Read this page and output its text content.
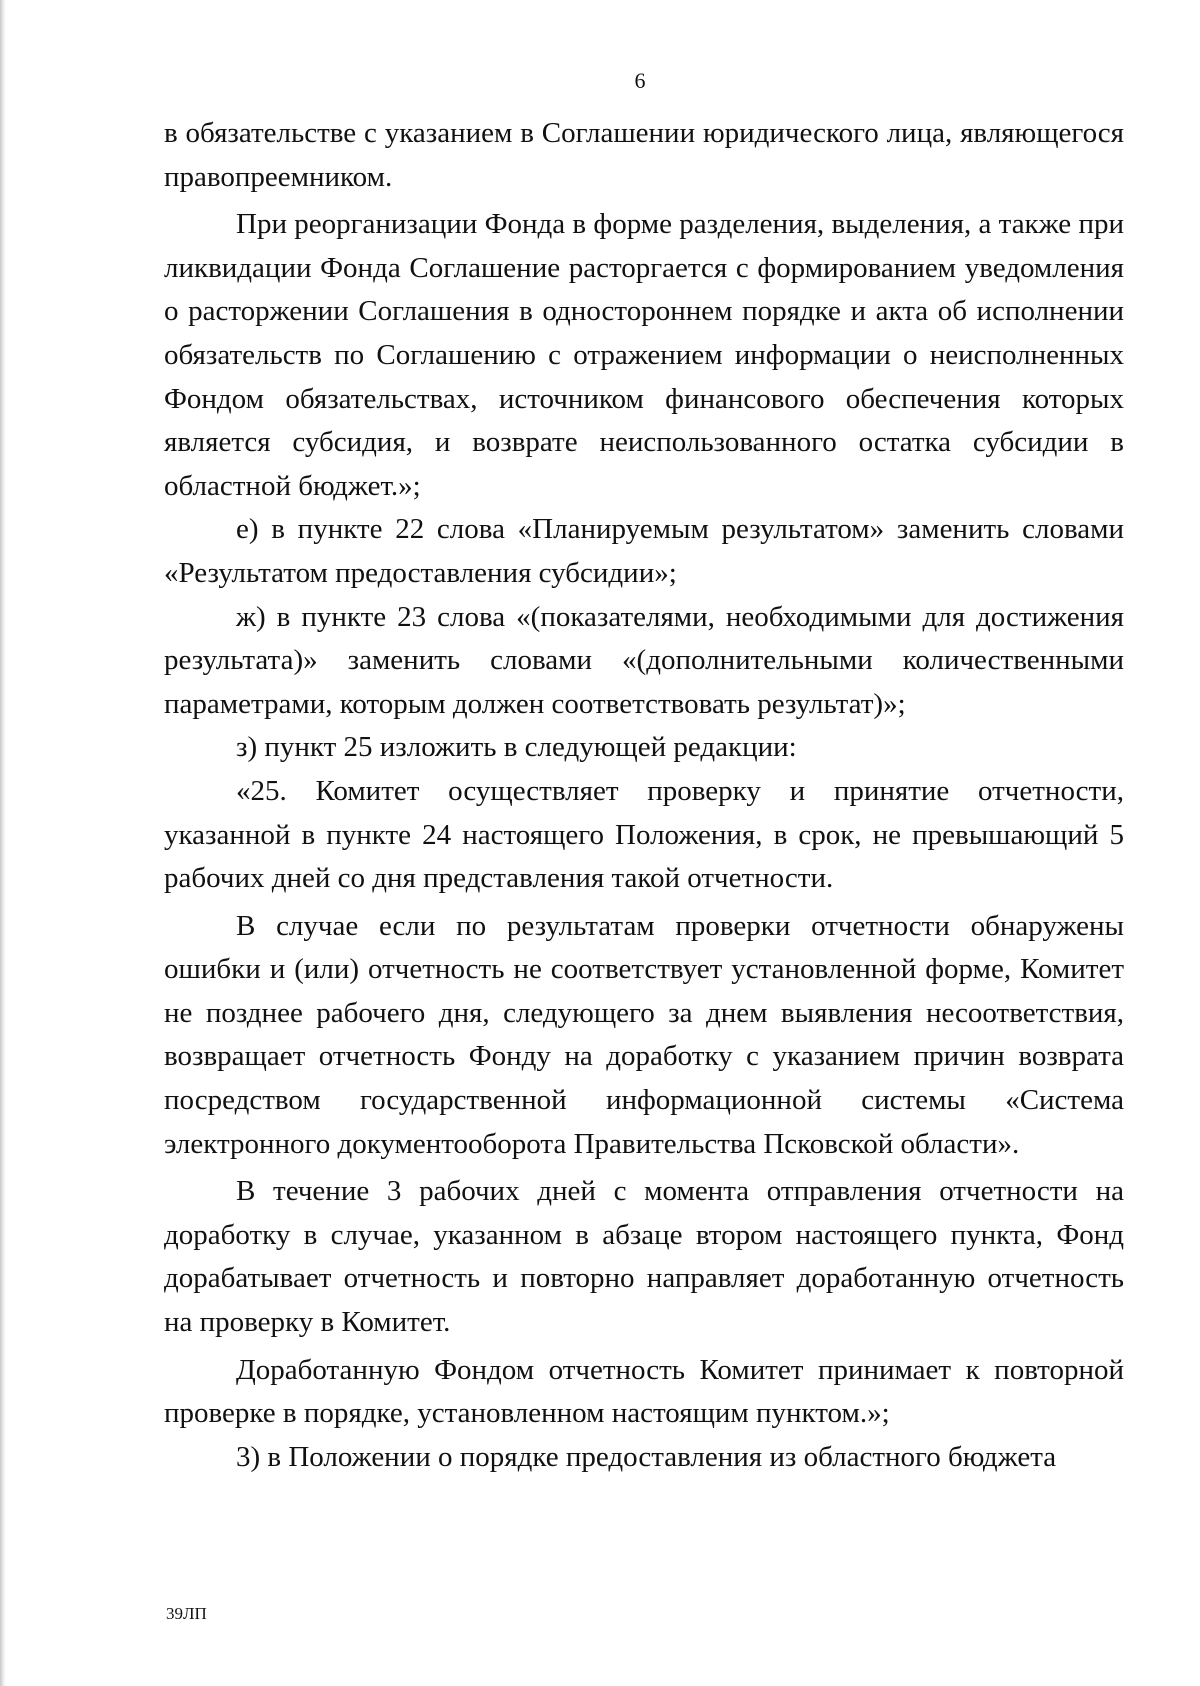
6

в обязательстве с указанием в Соглашении юридического лица, являющегося правопреемником.

При реорганизации Фонда в форме разделения, выделения, а также при ликвидации Фонда Соглашение расторгается с формированием уведомления о расторжении Соглашения в одностороннем порядке и акта об исполнении обязательств по Соглашению с отражением информации о неисполненных Фондом обязательствах, источником финансового обеспечения которых является субсидия, и возврате неиспользованного остатка субсидии в областной бюджет.»;

е) в пункте 22 слова «Планируемым результатом» заменить словами «Результатом предоставления субсидии»;

ж) в пункте 23 слова «(показателями, необходимыми для достижения результата)» заменить словами «(дополнительными количественными параметрами, которым должен соответствовать результат)»;

з) пункт 25 изложить в следующей редакции:

«25. Комитет осуществляет проверку и принятие отчетности, указанной в пункте 24 настоящего Положения, в срок, не превышающий 5 рабочих дней со дня представления такой отчетности.

В случае если по результатам проверки отчетности обнаружены ошибки и (или) отчетность не соответствует установленной форме, Комитет не позднее рабочего дня, следующего за днем выявления несоответствия, возвращает отчетность Фонду на доработку с указанием причин возврата посредством государственной информационной системы «Система электронного документооборота Правительства Псковской области».

В течение 3 рабочих дней с момента отправления отчетности на доработку в случае, указанном в абзаце втором настоящего пункта, Фонд дорабатывает отчетность и повторно направляет доработанную отчетность на проверку в Комитет.

Доработанную Фондом отчетность Комитет принимает к повторной проверке в порядке, установленном настоящим пунктом.»;

3) в Положении о порядке предоставления из областного бюджета

39ЛП
